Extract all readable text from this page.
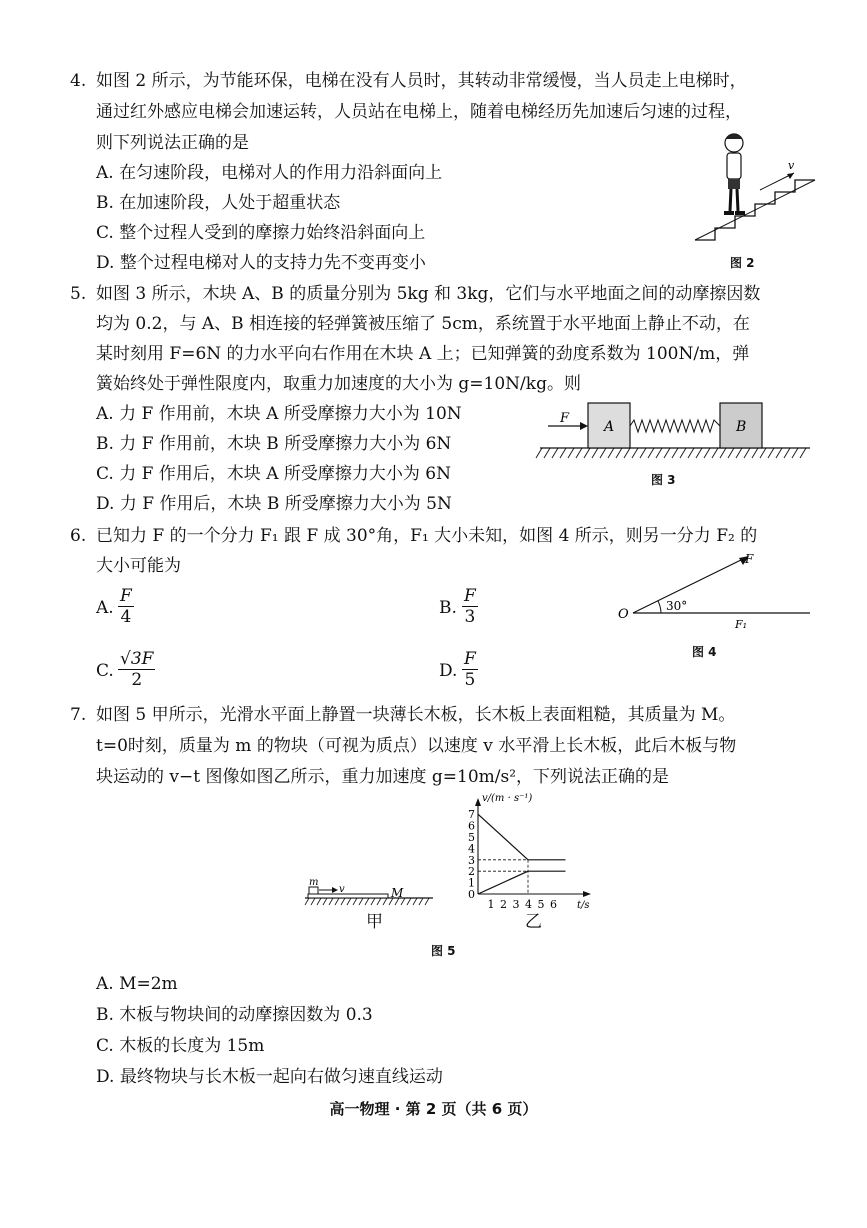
4. 如图 2 所示，为节能环保，电梯在没有人员时，其转动非常缓慢，当人员走上电梯时，
通过红外感应电梯会加速运转，人员站在电梯上，随着电梯经历先加速后匀速的过程，
则下列说法正确的是
A. 在匀速阶段，电梯对人的作用力沿斜面向上
B. 在加速阶段，人处于超重状态
C. 整个过程人受到的摩擦力始终沿斜面向上
D. 整个过程电梯对人的支持力先不变再变小
v
图 2
5. 如图 3 所示，木块 A、B 的质量分别为 5kg 和 3kg，它们与水平地面之间的动摩擦因数
均为 0.2，与 A、B 相连接的轻弹簧被压缩了 5cm，系统置于水平地面上静止不动，在
某时刻用 F=6N 的力水平向右作用在木块 A 上；已知弹簧的劲度系数为 100N/m，弹
簧始终处于弹性限度内，取重力加速度的大小为 g=10N/kg。则
A. 力 F 作用前，木块 A 所受摩擦力大小为 10N
B. 力 F 作用前，木块 B 所受摩擦力大小为 6N
C. 力 F 作用后，木块 A 所受摩擦力大小为 6N
D. 力 F 作用后，木块 B 所受摩擦力大小为 5N
F
A	B
图 3
6. 已知力 F 的一个分力 F₁ 跟 F 成 30°角，F₁ 大小未知，如图 4 所示，则另一分力 F₂ 的
大小可能为
A. $\frac{F}{4}$	B. $\frac{F}{3}$
C. $\frac{√3F}{2}$	D. $\frac{F}{5}$
O
F
30°
F₁
图 4
7. 如图 5 甲所示，光滑水平面上静置一块薄长木板，长木板上表面粗糙，其质量为 M。
t=0时刻，质量为 m 的物块（可视为质点）以速度 v 水平滑上长木板，此后木板与物
块运动的 v−t 图像如图乙所示，重力加速度 g=10m/s²，下列说法正确的是
m
v	M
甲
7
6
5
4
3
2
1
0
1 2 3 4 5 6
v/(m · s⁻¹)
t/s
乙
图 5
A. M=2m
B. 木板与物块间的动摩擦因数为 0.3
C. 木板的长度为 15m
D. 最终物块与长木板一起向右做匀速直线运动
高一物理 · 第 2 页（共 6 页）
